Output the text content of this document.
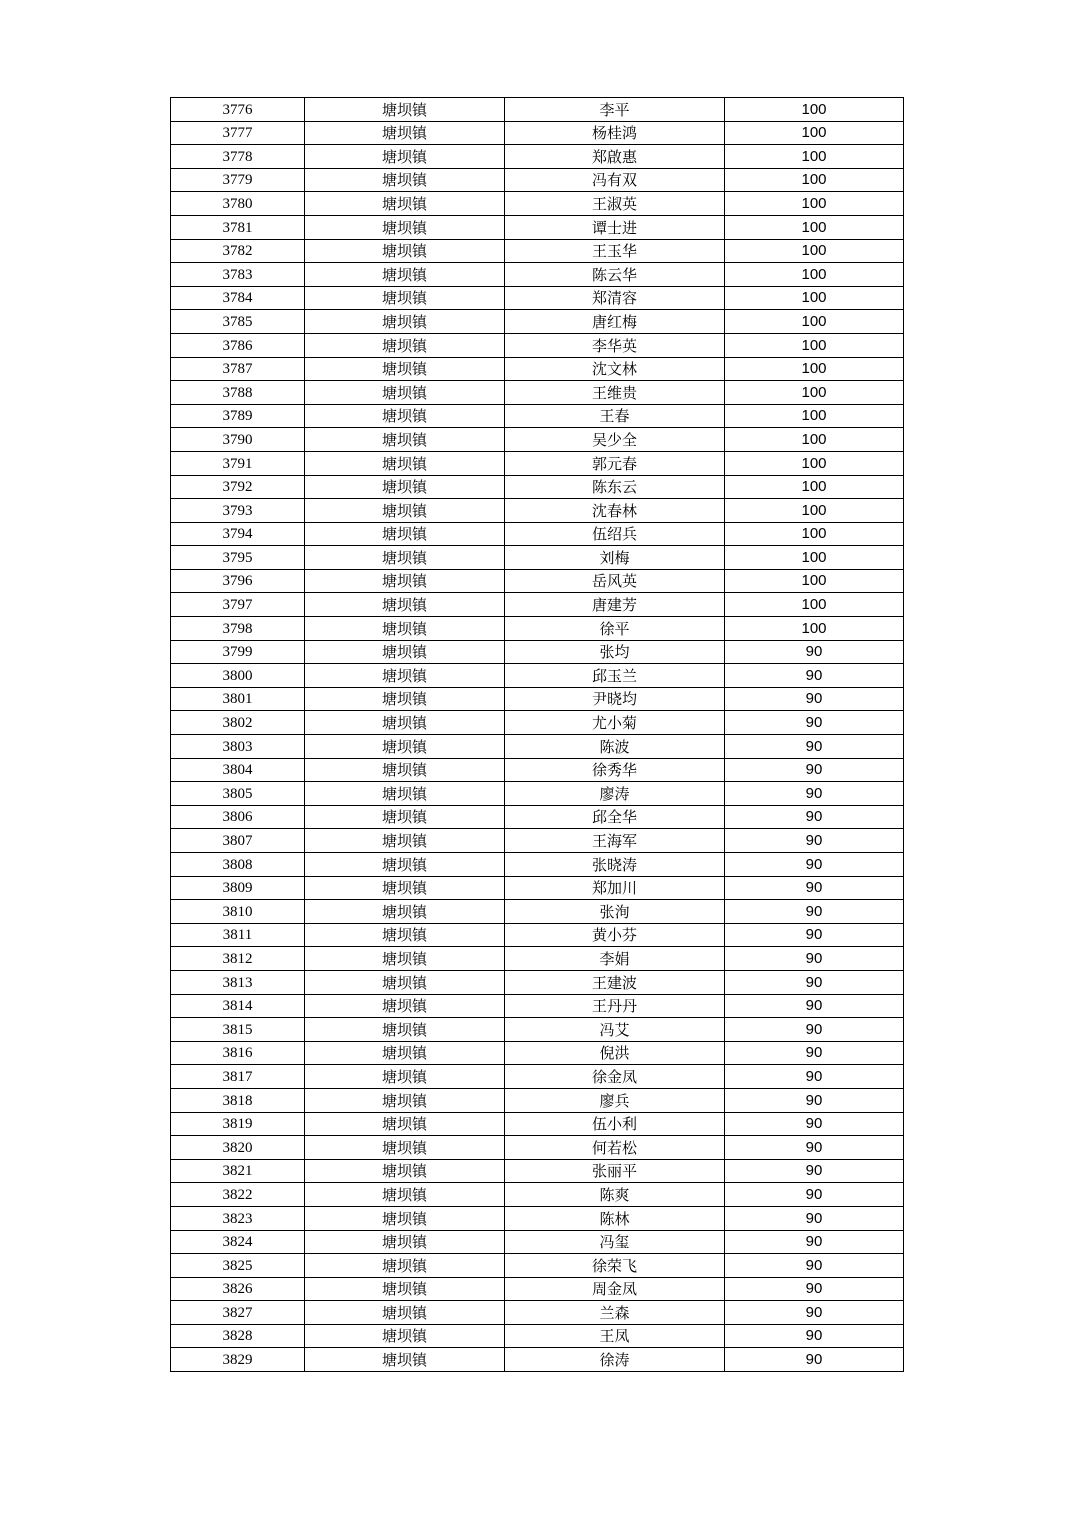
3776	塘坝镇	李平	100
3777	塘坝镇	杨桂鸿	100
3778	塘坝镇	郑啟惠	100
3779	塘坝镇	冯有双	100
3780	塘坝镇	王淑英	100
3781	塘坝镇	谭士进	100
3782	塘坝镇	王玉华	100
3783	塘坝镇	陈云华	100
3784	塘坝镇	郑清容	100
3785	塘坝镇	唐红梅	100
3786	塘坝镇	李华英	100
3787	塘坝镇	沈文林	100
3788	塘坝镇	王维贵	100
3789	塘坝镇	王春	100
3790	塘坝镇	吴少全	100
3791	塘坝镇	郭元春	100
3792	塘坝镇	陈东云	100
3793	塘坝镇	沈春林	100
3794	塘坝镇	伍绍兵	100
3795	塘坝镇	刘梅	100
3796	塘坝镇	岳风英	100
3797	塘坝镇	唐建芳	100
3798	塘坝镇	徐平	100
3799	塘坝镇	张均	90
3800	塘坝镇	邱玉兰	90
3801	塘坝镇	尹晓均	90
3802	塘坝镇	尤小菊	90
3803	塘坝镇	陈波	90
3804	塘坝镇	徐秀华	90
3805	塘坝镇	廖涛	90
3806	塘坝镇	邱全华	90
3807	塘坝镇	王海军	90
3808	塘坝镇	张晓涛	90
3809	塘坝镇	郑加川	90
3810	塘坝镇	张洵	90
3811	塘坝镇	黄小芬	90
3812	塘坝镇	李娟	90
3813	塘坝镇	王建波	90
3814	塘坝镇	王丹丹	90
3815	塘坝镇	冯艾	90
3816	塘坝镇	倪洪	90
3817	塘坝镇	徐金凤	90
3818	塘坝镇	廖兵	90
3819	塘坝镇	伍小利	90
3820	塘坝镇	何若松	90
3821	塘坝镇	张丽平	90
3822	塘坝镇	陈爽	90
3823	塘坝镇	陈林	90
3824	塘坝镇	冯玺	90
3825	塘坝镇	徐荣飞	90
3826	塘坝镇	周金凤	90
3827	塘坝镇	兰森	90
3828	塘坝镇	王凤	90
3829	塘坝镇	徐涛	90
